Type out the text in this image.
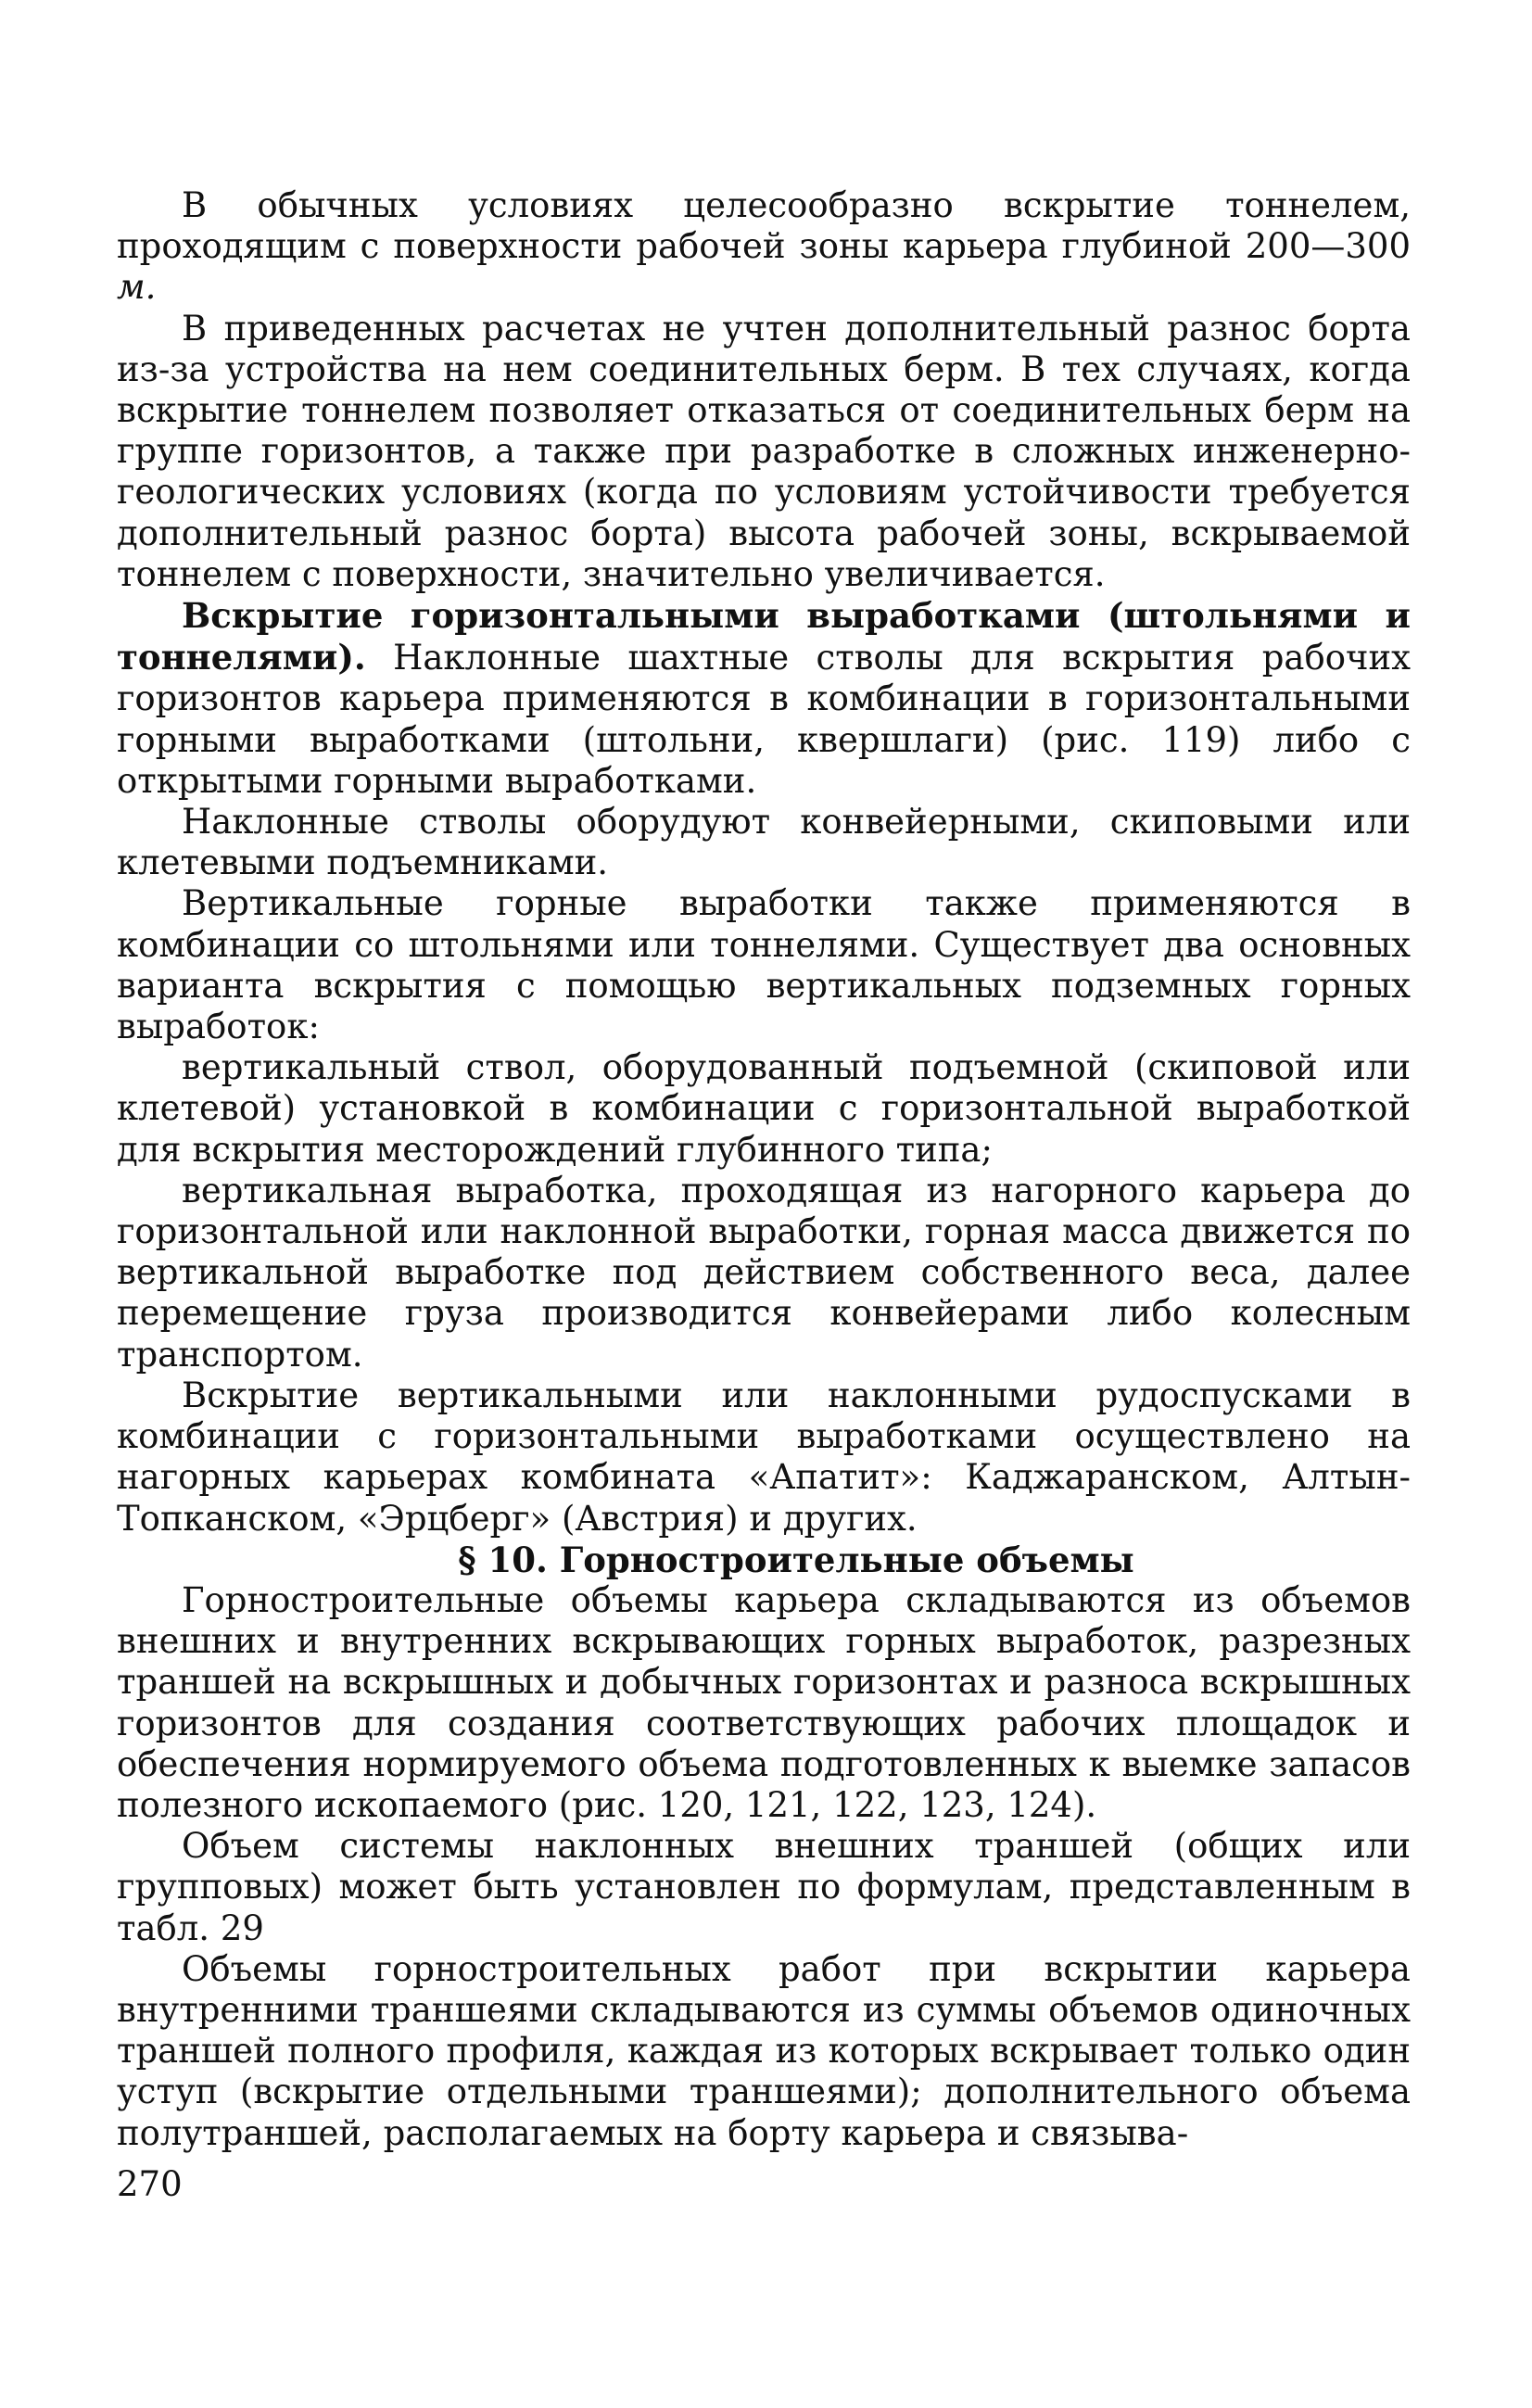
В обычных условиях целесообразно вскрытие тоннелем, проходящим с поверхности рабочей зоны карьера глубиной 200—300 м.

В приведенных расчетах не учтен дополнительный разнос борта из-за устройства на нем соединительных берм. В тех случаях, когда вскрытие тоннелем позволяет отказаться от соединительных берм на группе горизонтов, а также при разработке в сложных инженерно-геологических условиях (когда по условиям устойчивости требуется дополнительный разнос борта) высота рабочей зоны, вскрываемой тоннелем с поверхности, значительно увеличивается.

Вскрытие горизонтальными выработками (штольнями и тоннелями). Наклонные шахтные стволы для вскрытия рабочих горизонтов карьера применяются в комбинации в горизонтальными горными выработками (штольни, квершлаги) (рис. 119) либо с открытыми горными выработками.

Наклонные стволы оборудуют конвейерными, скиповыми или клетевыми подъемниками.

Вертикальные горные выработки также применяются в комбинации со штольнями или тоннелями. Существует два основных варианта вскрытия с помощью вертикальных подземных горных выработок:

вертикальный ствол, оборудованный подъемной (скиповой или клетевой) установкой в комбинации с горизонтальной выработкой для вскрытия месторождений глубинного типа;

вертикальная выработка, проходящая из нагорного карьера до горизонтальной или наклонной выработки, горная масса движется по вертикальной выработке под действием собственного веса, далее перемещение груза производится конвейерами либо колесным транспортом.

Вскрытие вертикальными или наклонными рудоспусками в комбинации с горизонтальными выработками осуществлено на нагорных карьерах комбината «Апатит»: Каджаранском, Алтын-Топканском, «Эрцберг» (Австрия) и других.

§ 10. Горностроительные объемы

Горностроительные объемы карьера складываются из объемов внешних и внутренних вскрывающих горных выработок, разрезных траншей на вскрышных и добычных горизонтах и разноса вскрышных горизонтов для создания соответствующих рабочих площадок и обеспечения нормируемого объема подготовленных к выемке запасов полезного ископаемого (рис. 120, 121, 122, 123, 124).

Объем системы наклонных внешних траншей (общих или групповых) может быть установлен по формулам, представленным в табл. 29

Объемы горностроительных работ при вскрытии карьера внутренними траншеями складываются из суммы объемов одиночных траншей полного профиля, каждая из которых вскрывает только один уступ (вскрытие отдельными траншеями); дополнительного объема полутраншей, располагаемых на борту карьера и связыва-

270
